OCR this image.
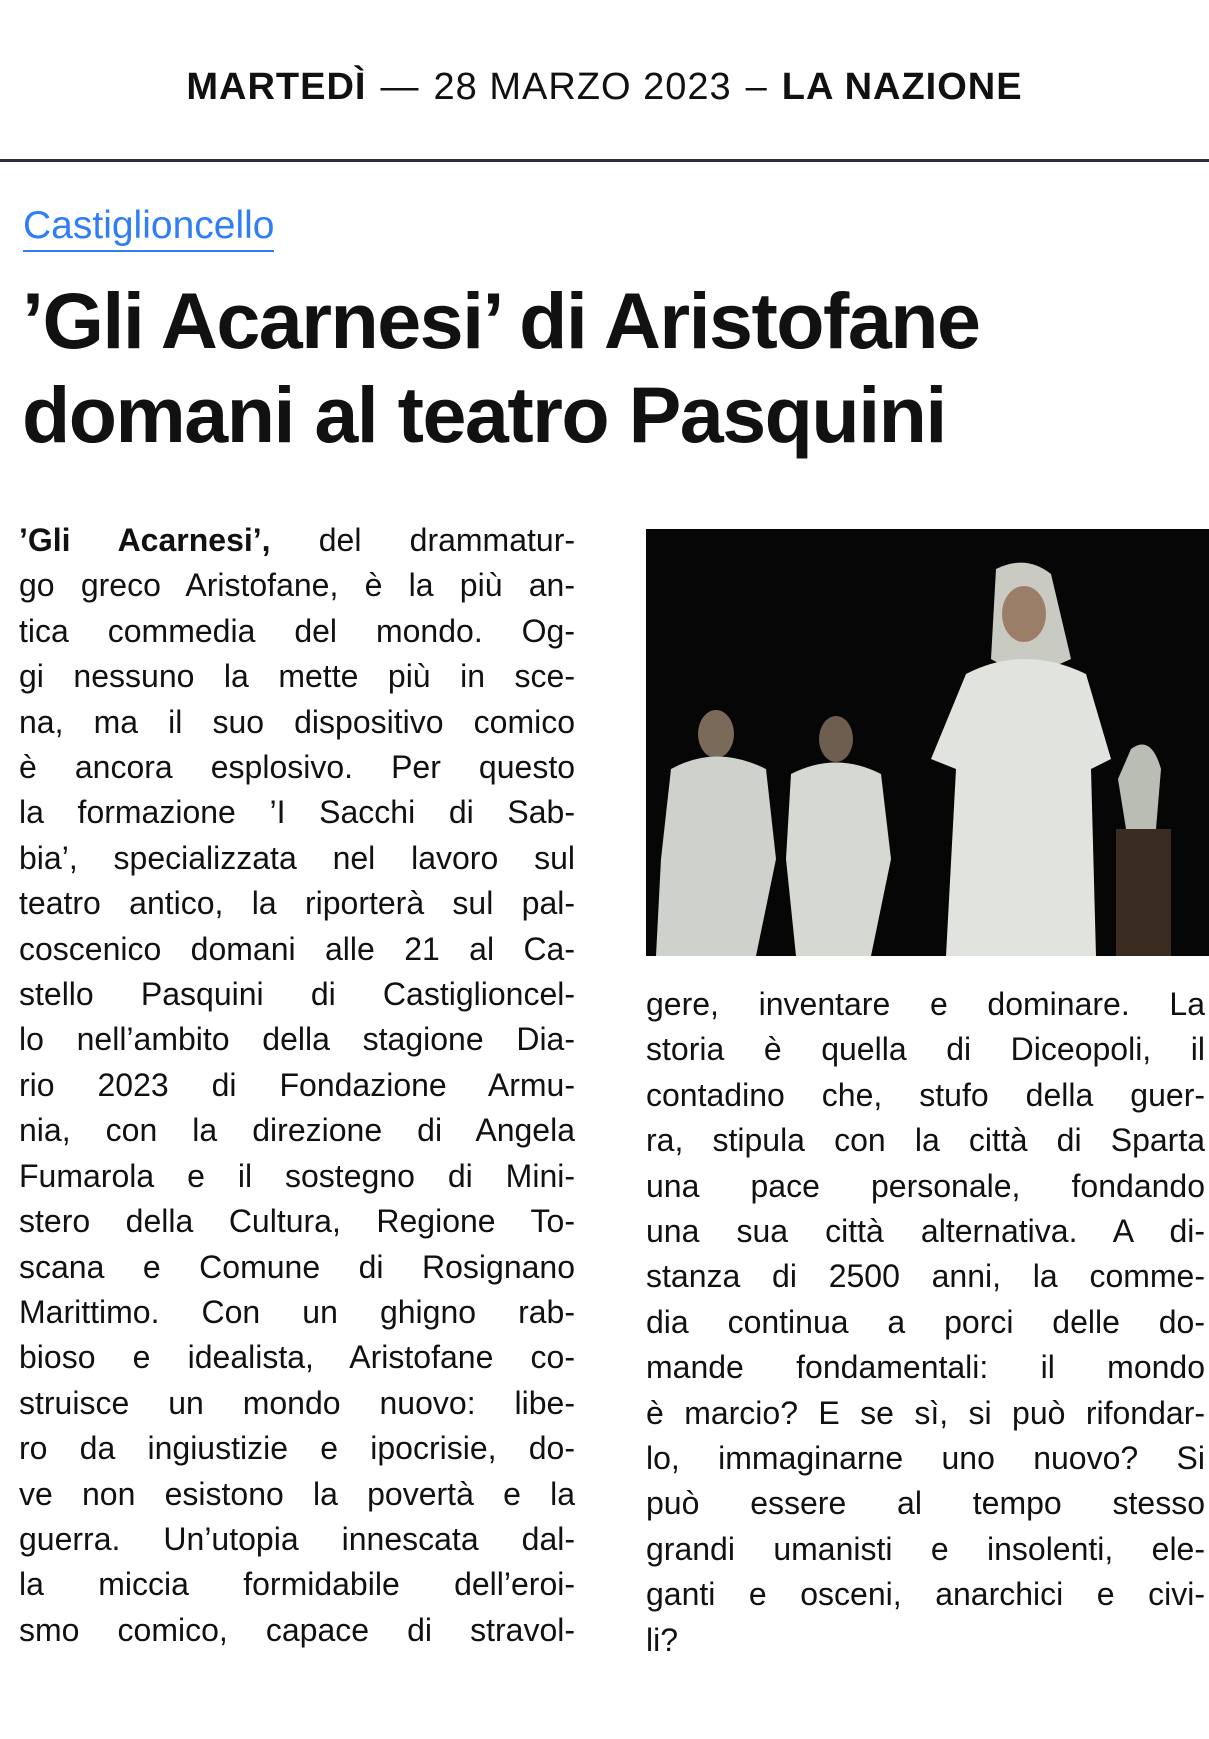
MARTEDÌ — 28 MARZO 2023 – LA NAZIONE
Castiglioncello
’Gli Acarnesi’ di Aristofane
domani al teatro Pasquini
’Gli Acarnesi’, del drammatur-
go greco Aristofane, è la più an-
tica commedia del mondo. Og-
gi nessuno la mette più in sce-
na, ma il suo dispositivo comico
è ancora esplosivo. Per questo
la formazione ’I Sacchi di Sab-
bia’, specializzata nel lavoro sul
teatro antico, la riporterà sul pal-
coscenico domani alle 21 al Ca-
stello Pasquini di Castiglioncel-
lo nell’ambito della stagione Dia-
rio 2023 di Fondazione Armu-
nia, con la direzione di Angela
Fumarola e il sostegno di Mini-
stero della Cultura, Regione To-
scana e Comune di Rosignano
Marittimo. Con un ghigno rab-
bioso e idealista, Aristofane co-
struisce un mondo nuovo: libe-
ro da ingiustizie e ipocrisie, do-
ve non esistono la povertà e la
guerra. Un’utopia innescata dal-
la miccia formidabile dell’eroi-
smo comico, capace di stravol-
gere, inventare e dominare. La
storia è quella di Diceopoli, il
contadino che, stufo della guer-
ra, stipula con la città di Sparta
una pace personale, fondando
una sua città alternativa. A di-
stanza di 2500 anni, la comme-
dia continua a porci delle do-
mande fondamentali: il mondo
è marcio? E se sì, si può rifondar-
lo, immaginarne uno nuovo? Si
può essere al tempo stesso
grandi umanisti e insolenti, ele-
ganti e osceni, anarchici e civi-
li?
